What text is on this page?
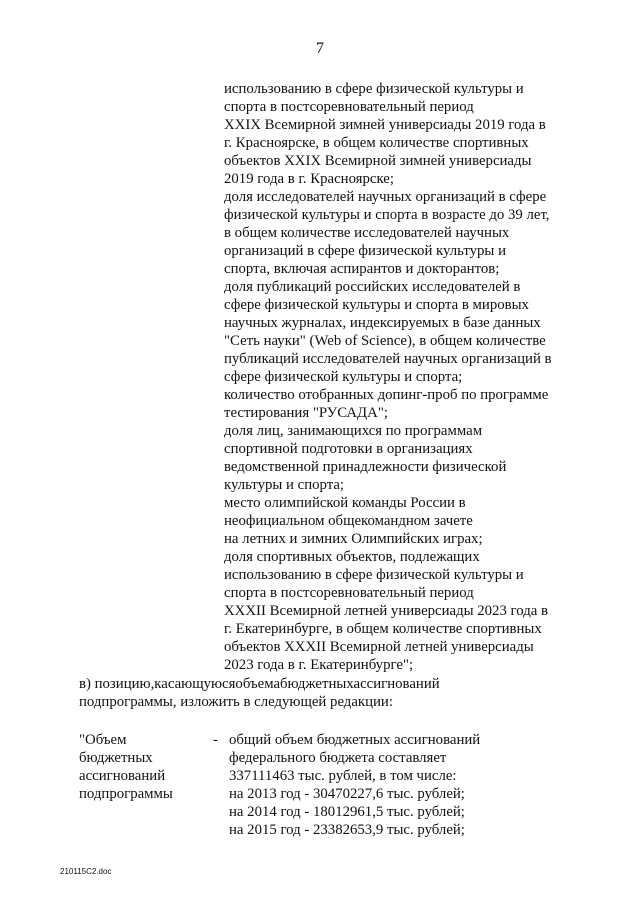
7
использованию в сфере физической культуры и
спорта в постсоревновательный период
XXIX Всемирной зимней универсиады 2019 года в
г. Красноярске, в общем количестве спортивных
объектов XXIX Всемирной зимней универсиады
2019 года в г. Красноярске;
доля исследователей научных организаций в сфере
физической культуры и спорта в возрасте до 39 лет,
в общем количестве исследователей научных
организаций в сфере физической культуры и
спорта, включая аспирантов и докторантов;
доля публикаций российских исследователей в
сфере физической культуры и спорта в мировых
научных журналах, индексируемых в базе данных
"Сеть науки" (Web of Science), в общем количестве
публикаций исследователей научных организаций в
сфере физической культуры и спорта;
количество отобранных допинг-проб по программе
тестирования "РУСАДА";
доля лиц, занимающихся по программам
спортивной подготовки в организациях
ведомственной принадлежности физической
культуры и спорта;
место олимпийской команды России в
неофициальном общекомандном зачете
на летних и зимних Олимпийских играх;
доля спортивных объектов, подлежащих
использованию в сфере физической культуры и
спорта в постсоревновательный период
XXXII Всемирной летней универсиады 2023 года в
г. Екатеринбурге, в общем количестве спортивных
объектов XXXII Всемирной летней универсиады
2023 года в г. Екатеринбурге";
в) позицию,касающуюсяобъемабюджетныхассигнований
подпрограммы, изложить в следующей редакции:
"Объем
бюджетных
ассигнований
подпрограммы
- общий объем бюджетных ассигнований
федерального бюджета составляет
337111463 тыс. рублей, в том числе:
на 2013 год - 30470227,6 тыс. рублей;
на 2014 год - 18012961,5 тыс. рублей;
на 2015 год - 23382653,9 тыс. рублей;
210115C2.doc
